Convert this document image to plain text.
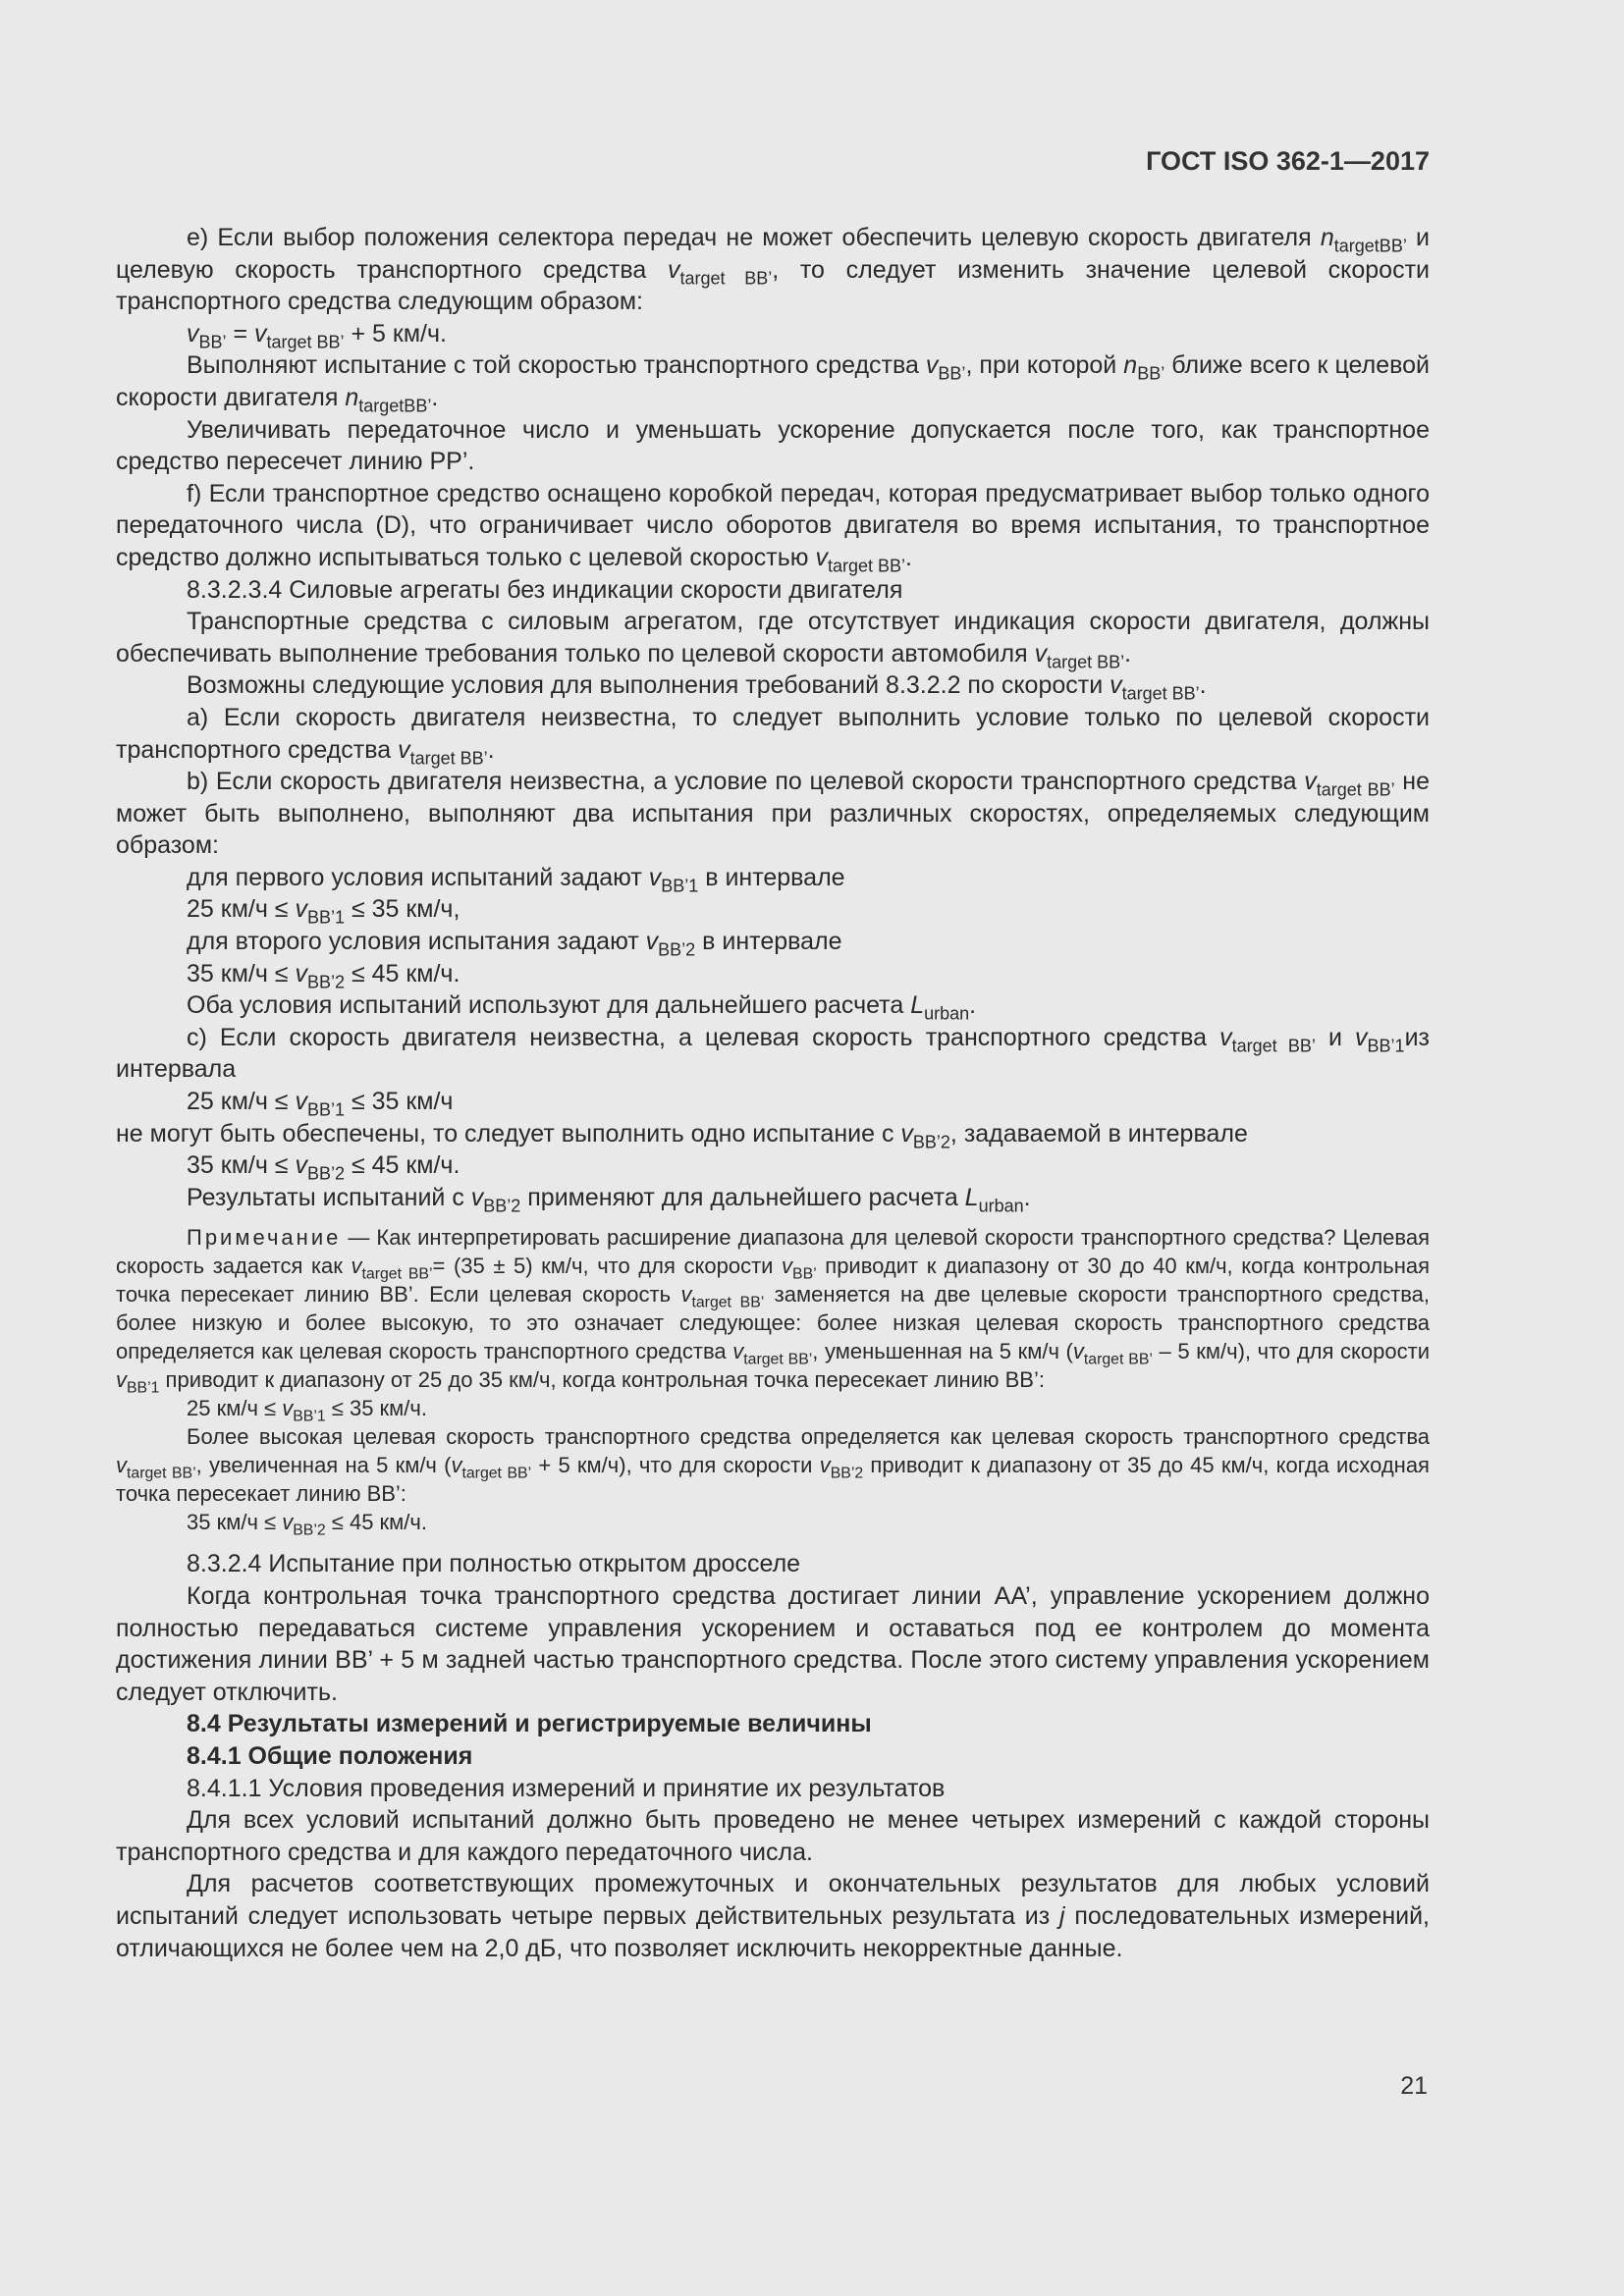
ГОСТ ISO 362-1—2017

е) Если выбор положения селектора передач не может обеспечить целевую скорость двигателя $n_{targetBB’}$ и целевую скорость транспортного средства $v_{target BB’}$, то следует изменить значение целевой скорости транспортного средства следующим образом:

$v_{BB’} = v_{target BB’} + 5$ км/ч.

Выполняют испытание с той скоростью транспортного средства $v_{BB’}$, при которой $n_{BB’}$ ближе всего к целевой скорости двигателя $n_{targetBB’}$.

Увеличивать передаточное число и уменьшать ускорение допускается после того, как транспортное средство пересечет линию PP’.

f) Если транспортное средство оснащено коробкой передач, которая предусматривает выбор только одного передаточного числа (D), что ограничивает число оборотов двигателя во время испытания, то транспортное средство должно испытываться только с целевой скоростью $v_{target BB’}$.

8.3.2.3.4 Силовые агрегаты без индикации скорости двигателя

Транспортные средства с силовым агрегатом, где отсутствует индикация скорости двигателя, должны обеспечивать выполнение требования только по целевой скорости автомобиля $v_{target BB’}$.

Возможны следующие условия для выполнения требований 8.3.2.2 по скорости $v_{target BB’}$.

а) Если скорость двигателя неизвестна, то следует выполнить условие только по целевой скорости транспортного средства $v_{target BB’}$.

b) Если скорость двигателя неизвестна, а условие по целевой скорости транспортного средства $v_{target BB’}$ не может быть выполнено, выполняют два испытания при различных скоростях, определяемых следующим образом:

для первого условия испытаний задают $v_{BB’1}$ в интервале

25 $км/ч \le v_{BB’1} \le 35$ км/ч,

для второго условия испытания задают $v_{BB’2}$ в интервале

35 $км/ч \le v_{BB’2} \le 45$ км/ч.

Оба условия испытаний используют для дальнейшего расчета $L_{urban}$.

с) Если скорость двигателя неизвестна, а целевая скорость транспортного средства $v_{target BB’}$ и $v_{BB’1}из$ интервала

25 $км/ч \le v_{BB’1} \le 35$ км/ч

не могут быть обеспечены, то следует выполнить одно испытание с $v_{BB’2}$, задаваемой в интервале

35 $км/ч \le v_{BB’2} \le 45$ км/ч.

Результаты испытаний с $v_{BB’2}$ применяют для дальнейшего расчета $L_{urban}$.

Примечание — Как интерпретировать расширение диапазона для целевой скорости транспортного средства? Целевая скорость задается как $v_{target BB’}= (35 \pm 5)$ км/ч, что для скорости $v_{BB’}$ приводит к диапазону от 30 до 40 км/ч, когда контрольная точка пересекает линию BB’. Если целевая скорость $v_{target BB’}$ заменяется на две целевые скорости транспортного средства, более низкую и более высокую, то это означает следующее: более низкая целевая скорость транспортного средства определяется как целевая скорость транспортного средства $v_{target BB’}$, уменьшенная на 5 км/ч ($v_{target BB’} - 5$ км/ч), что для скорости $v_{BB’1}$ приводит к диапазону от 25 до 35 км/ч, когда контрольная точка пересекает линию BB’:

25 $км/ч \le v_{BB’1} \le 35$ км/ч.

Более высокая целевая скорость транспортного средства определяется как целевая скорость транспортного средства $v_{target BB’}$, увеличенная на 5 км/ч ($v_{target BB’} + 5$ км/ч), что для скорости $v_{BB’2}$ приводит к диапазону от 35 до 45 км/ч, когда исходная точка пересекает линию BB’:

35 $км/ч \le v_{BB’2} \le 45$ км/ч.

8.3.2.4 Испытание при полностью открытом дросселе

Когда контрольная точка транспортного средства достигает линии AA’, управление ускорением должно полностью передаваться системе управления ускорением и оставаться под ее контролем до момента достижения линии BB’ + 5 м задней частью транспортного средства. После этого систему управления ускорением следует отключить.

8.4 Результаты измерений и регистрируемые величины

8.4.1 Общие положения

8.4.1.1 Условия проведения измерений и принятие их результатов

Для всех условий испытаний должно быть проведено не менее четырех измерений с каждой стороны транспортного средства и для каждого передаточного числа.

Для расчетов соответствующих промежуточных и окончательных результатов для любых условий испытаний следует использовать четыре первых действительных результата из j последовательных измерений, отличающихся не более чем на 2,0 дБ, что позволяет исключить некорректные данные.

21
